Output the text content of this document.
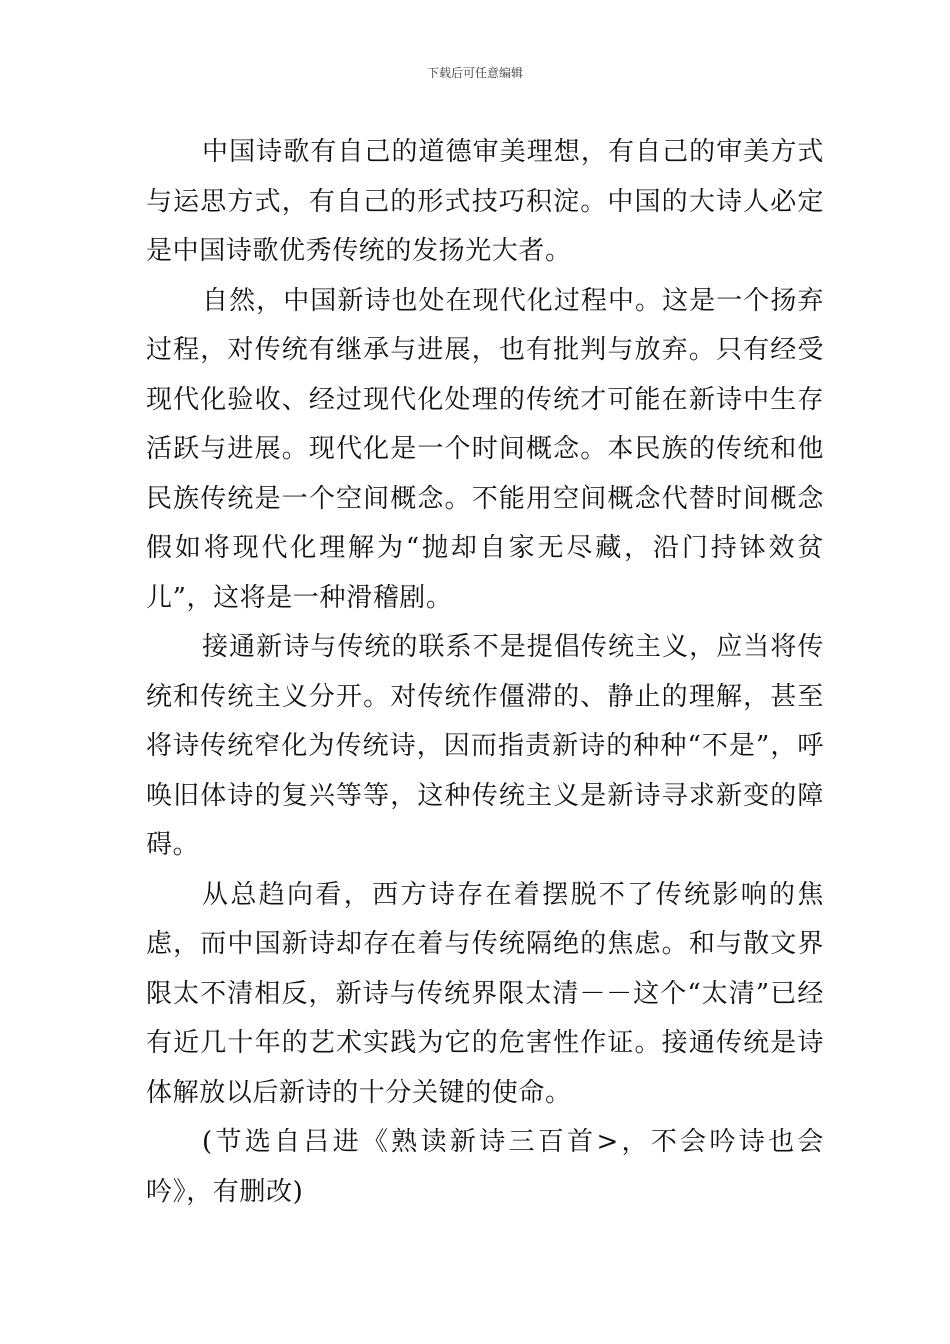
下载后可任意编辑

中国诗歌有自己的道德审美理想，有自己的审美方式与运思方式，有自己的形式技巧积淀。中国的大诗人必定是中国诗歌优秀传统的发扬光大者。

自然，中国新诗也处在现代化过程中。这是一个扬弃过程，对传统有继承与进展，也有批判与放弃。只有经受现代化验收、经过现代化处理的传统才可能在新诗中生存活跃与进展。现代化是一个时间概念。本民族的传统和他民族传统是一个空间概念。不能用空间概念代替时间概念假如将现代化理解为“抛却自家无尽藏，沿门持钵效贫儿”，这将是一种滑稽剧。

接通新诗与传统的联系不是提倡传统主义，应当将传统和传统主义分开。对传统作僵滞的、静止的理解，甚至将诗传统窄化为传统诗，因而指责新诗的种种“不是”，呼唤旧体诗的复兴等等，这种传统主义是新诗寻求新变的障碍。

从总趋向看，西方诗存在着摆脱不了传统影响的焦虑，而中国新诗却存在着与传统隔绝的焦虑。和与散文界限太不清相反，新诗与传统界限太清－－这个“太清”已经有近几十年的艺术实践为它的危害性作证。接通传统是诗体解放以后新诗的十分关键的使命。

(节选自吕进《熟读新诗三百首>，不会吟诗也会吟》，有删改)
